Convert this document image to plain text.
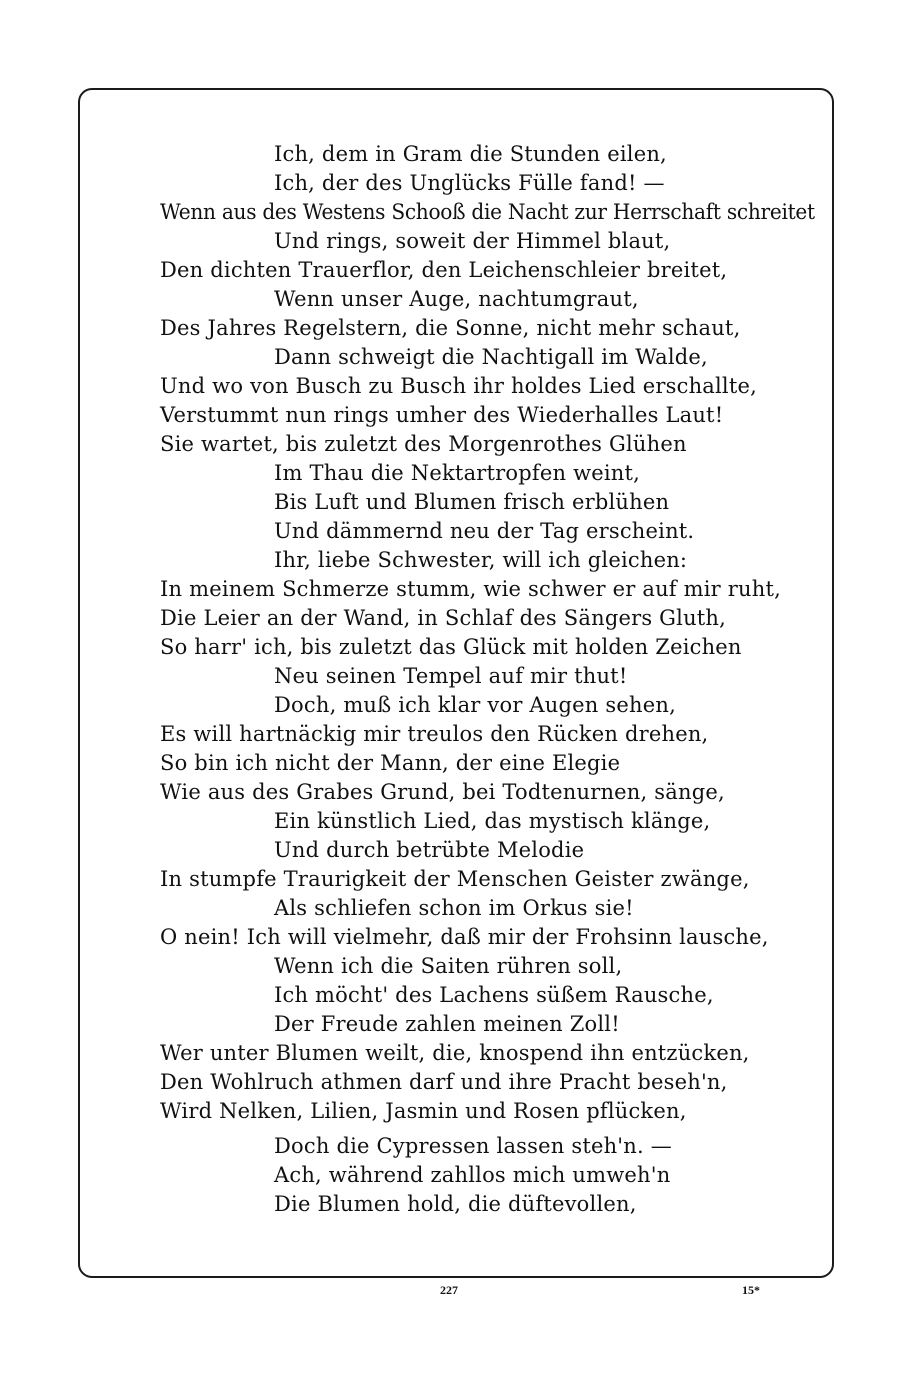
Ich, dem in Gram die Stunden eilen,
Ich, der des Unglücks Fülle fand! —
Wenn aus des Westens Schooß die Nacht zur Herrschaft schreitet
Und rings, soweit der Himmel blaut,
Den dichten Trauerflor, den Leichenschleier breitet,
Wenn unser Auge, nachtumgraut,
Des Jahres Regelstern, die Sonne, nicht mehr schaut,
Dann schweigt die Nachtigall im Walde,
Und wo von Busch zu Busch ihr holdes Lied erschallte,
Verstummt nun rings umher des Wiederhalles Laut!
Sie wartet, bis zuletzt des Morgenrothes Glühen
Im Thau die Nektartropfen weint,
Bis Luft und Blumen frisch erblühen
Und dämmernd neu der Tag erscheint.
Ihr, liebe Schwester, will ich gleichen:
In meinem Schmerze stumm, wie schwer er auf mir ruht,
Die Leier an der Wand, in Schlaf des Sängers Gluth,
So harr' ich, bis zuletzt das Glück mit holden Zeichen
Neu seinen Tempel auf mir thut!
Doch, muß ich klar vor Augen sehen,
Es will hartnäckig mir treulos den Rücken drehen,
So bin ich nicht der Mann, der eine Elegie
Wie aus des Grabes Grund, bei Todtenurnen, sänge,
Ein künstlich Lied, das mystisch klänge,
Und durch betrübte Melodie
In stumpfe Traurigkeit der Menschen Geister zwänge,
Als schliefen schon im Orkus sie!
O nein! Ich will vielmehr, daß mir der Frohsinn lausche,
Wenn ich die Saiten rühren soll,
Ich möcht' des Lachens süßem Rausche,
Der Freude zahlen meinen Zoll!
Wer unter Blumen weilt, die, knospend ihn entzücken,
Den Wohlruch athmen darf und ihre Pracht beseh'n,
Wird Nelken, Lilien, Jasmin und Rosen pflücken,
Doch die Cypressen lassen steh'n. —
Ach, während zahllos mich umweh'n
Die Blumen hold, die düftevollen,
227	15*
